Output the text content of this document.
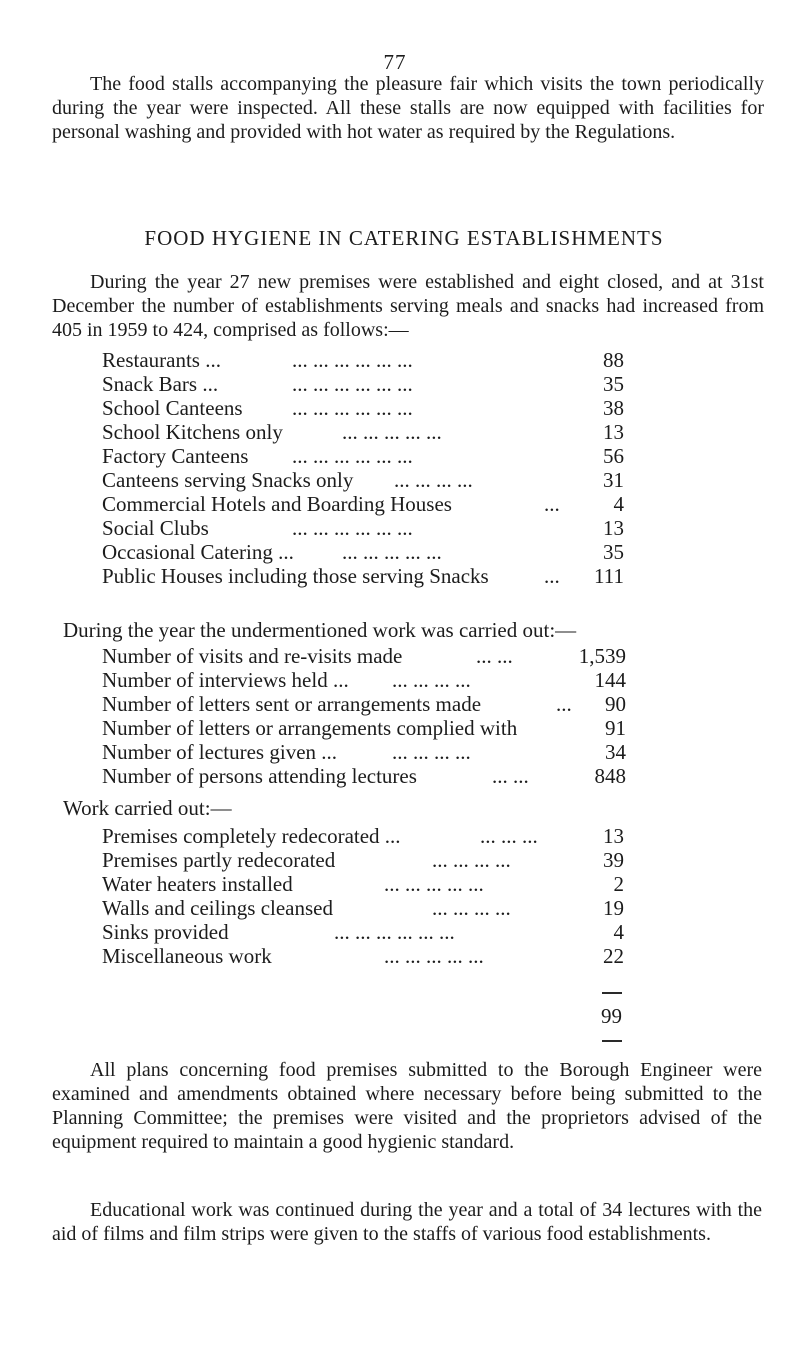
77

The food stalls accompanying the pleasure fair which visits the town periodically during the year were inspected. All these stalls are now equipped with facilities for personal washing and provided with hot water as required by the Regulations.

FOOD HYGIENE IN CATERING ESTABLISHMENTS

During the year 27 new premises were established and eight closed, and at 31st December the number of establishments serving meals and snacks had increased from 405 in 1959 to 424, comprised as follows:—

Restaurants ...	... ... ... ... ... ...	88
Snack Bars ...	... ... ... ... ... ...	35
School Canteens ... ... ... ... ... ...	38
School Kitchens only	... ... ... ... ...	13
Factory Canteens ... ... ... ... ... ...	56
Canteens serving Snacks only ... ... ... ...	31
Commercial Hotels and Boarding Houses	...	4
Social Clubs	... ... ... ... ... ...	13
Occasional Catering ... ... ... ... ... ...	35
Public Houses including those serving Snacks	... 111
During the year the undermentioned work was carried out:—
Number of visits and re-visits made	... ...	1,539
Number of interviews held ... ... ... ... ...	144
Number of letters sent or arrangements made	... 90
Number of letters or arrangements complied with	91
Number of lectures given ...	... ... ... ...	34
Number of persons attending lectures	... ...	848
Work carried out:—
Premises completely redecorated ...	... ... ...	13
Premises partly redecorated	... ... ... ...	39
Water heaters installed	... ... ... ... ...	2
Walls and ceilings cleansed	... ... ... ...	19
Sinks provided	... ... ... ... ... ...	4
Miscellaneous work	... ... ... ... ...	22
99

All plans concerning food premises submitted to the Borough Engineer were examined and amendments obtained where necessary before being submitted to the Planning Committee; the premises were visited and the proprietors advised of the equipment required to maintain a good hygienic standard.

Educational work was continued during the year and a total of 34 lectures with the aid of films and film strips were given to the staffs of various food establishments.
